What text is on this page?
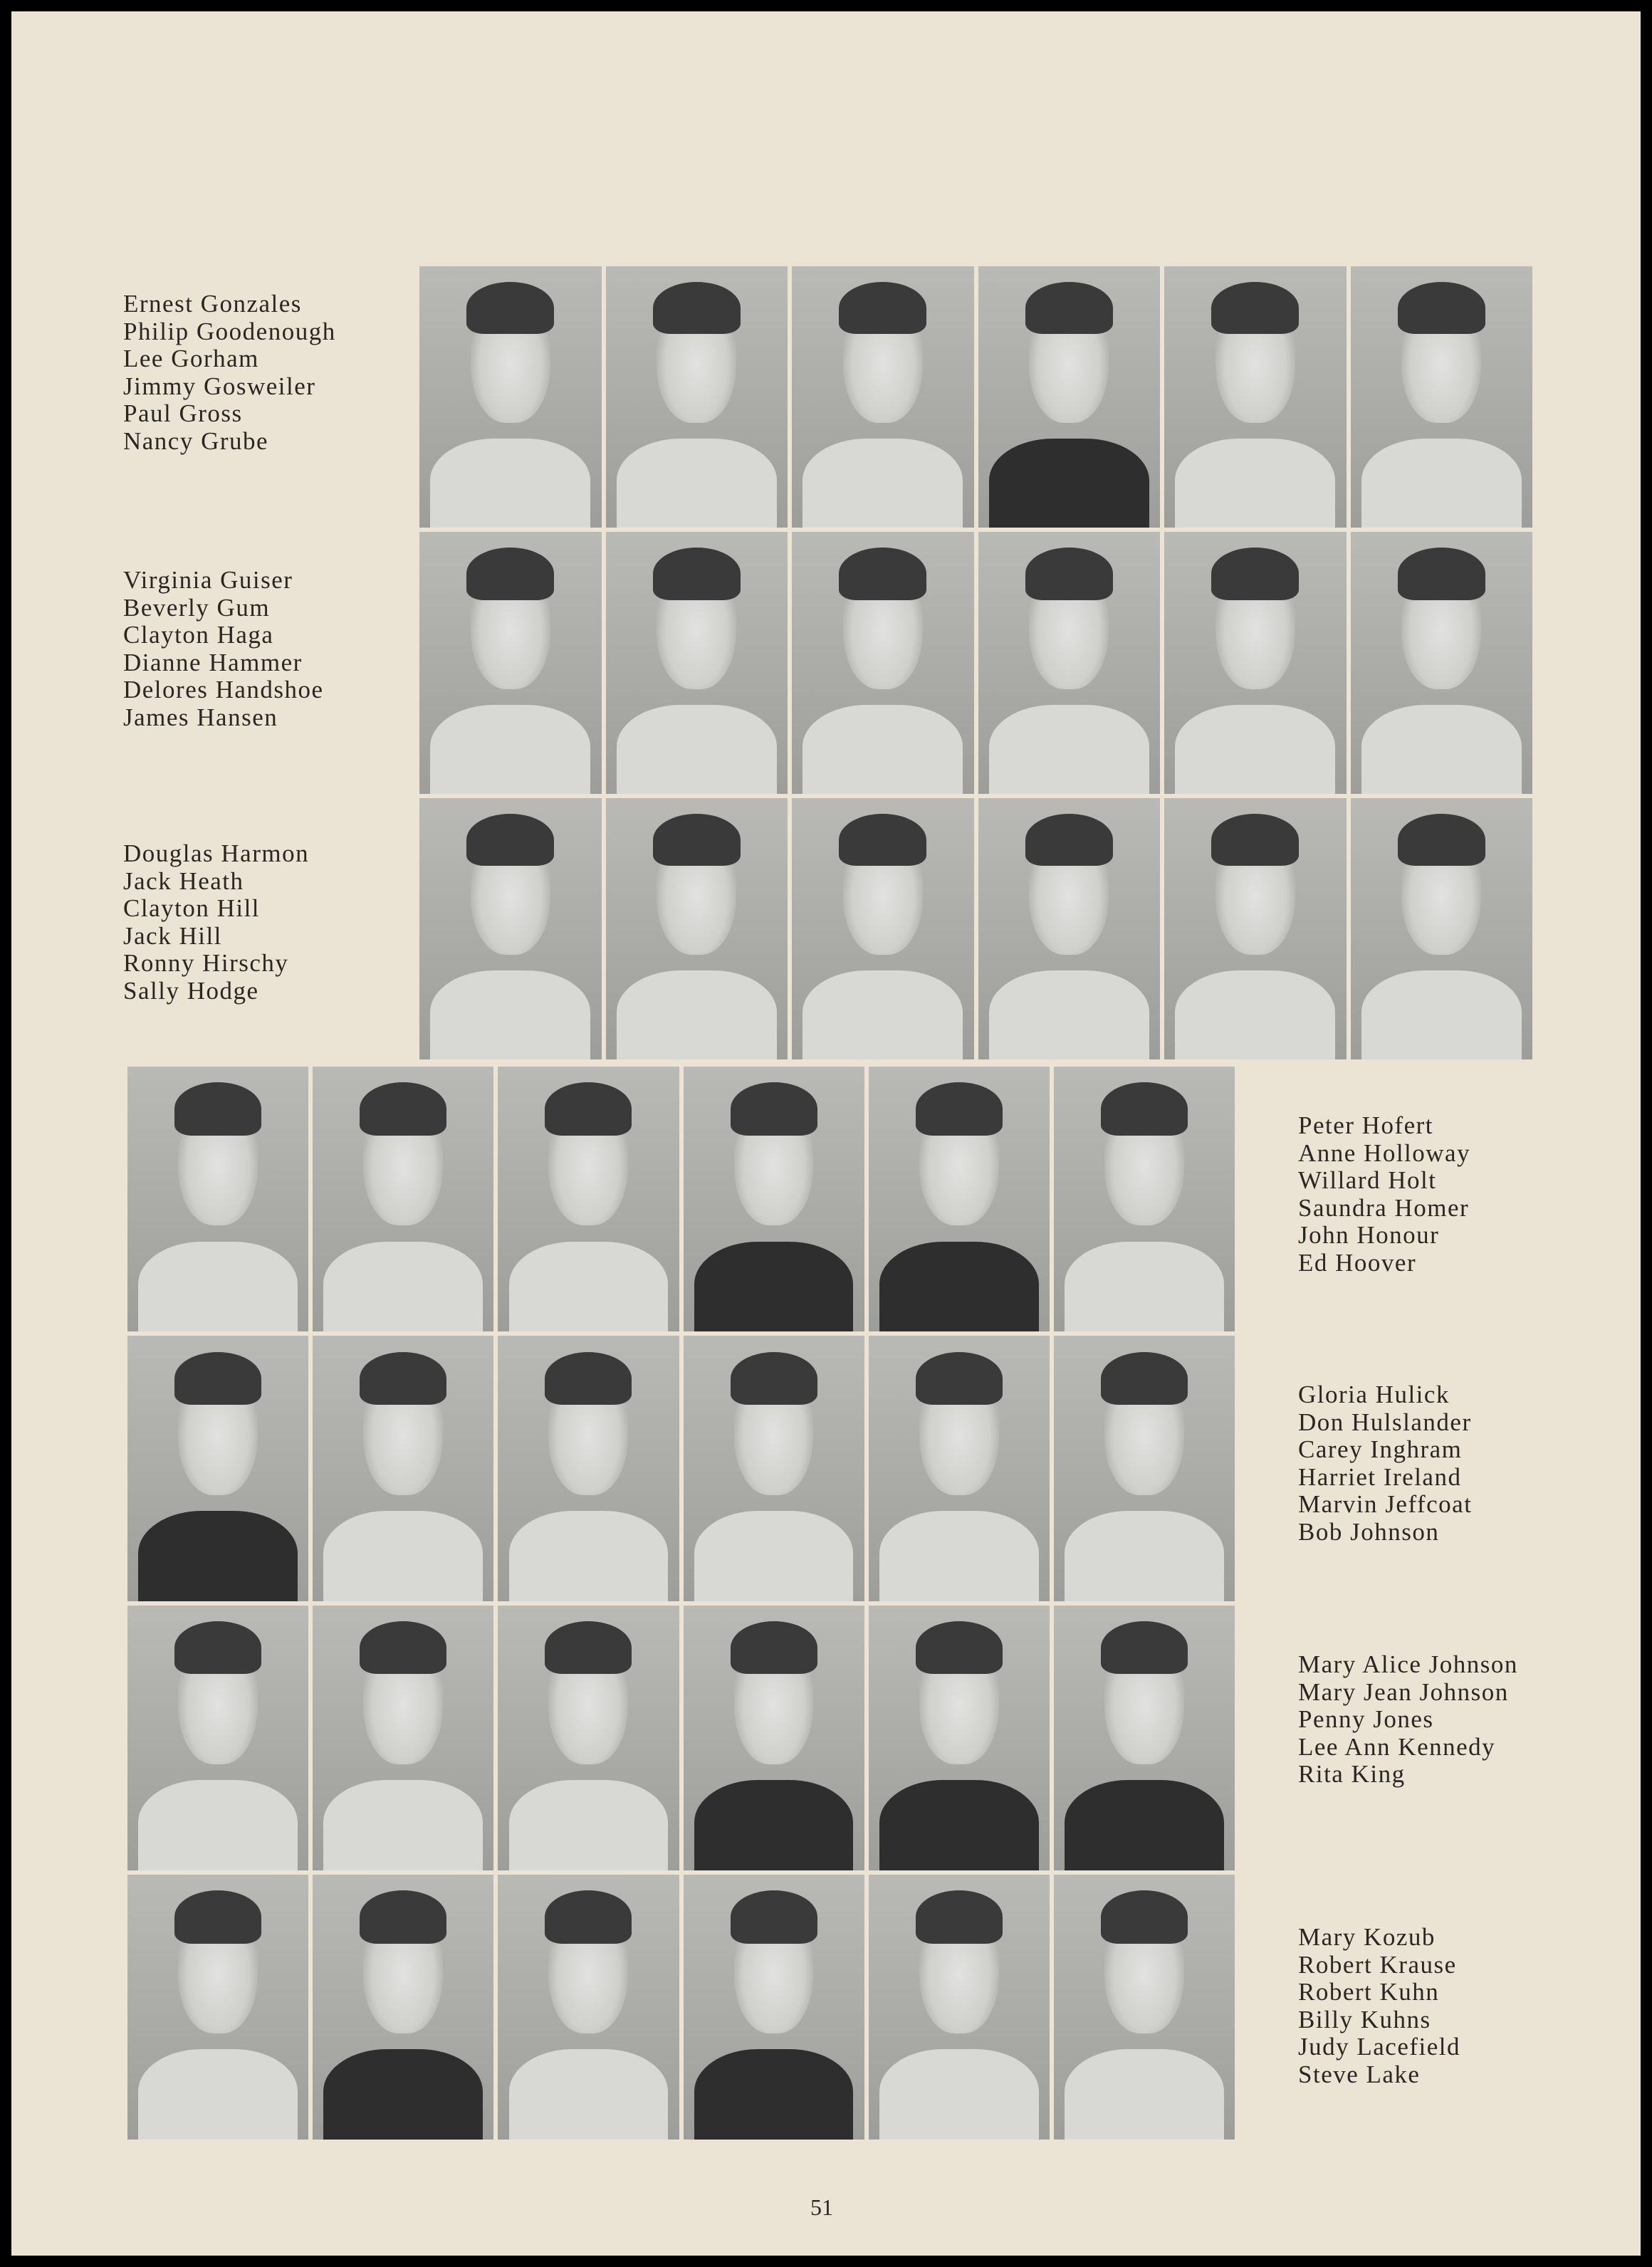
Ernest Gonzales
Philip Goodenough
Lee Gorham
Jimmy Gosweiler
Paul Gross
Nancy Grube
Virginia Guiser
Beverly Gum
Clayton Haga
Dianne Hammer
Delores Handshoe
James Hansen
Douglas Harmon
Jack Heath
Clayton Hill
Jack Hill
Ronny Hirschy
Sally Hodge
Peter Hofert
Anne Holloway
Willard Holt
Saundra Homer
John Honour
Ed Hoover
Gloria Hulick
Don Hulslander
Carey Inghram
Harriet Ireland
Marvin Jeffcoat
Bob Johnson
Mary Alice Johnson
Mary Jean Johnson
Penny Jones
Lee Ann Kennedy
Rita King
Mary Kozub
Robert Krause
Robert Kuhn
Billy Kuhns
Judy Lacefield
Steve Lake
51
